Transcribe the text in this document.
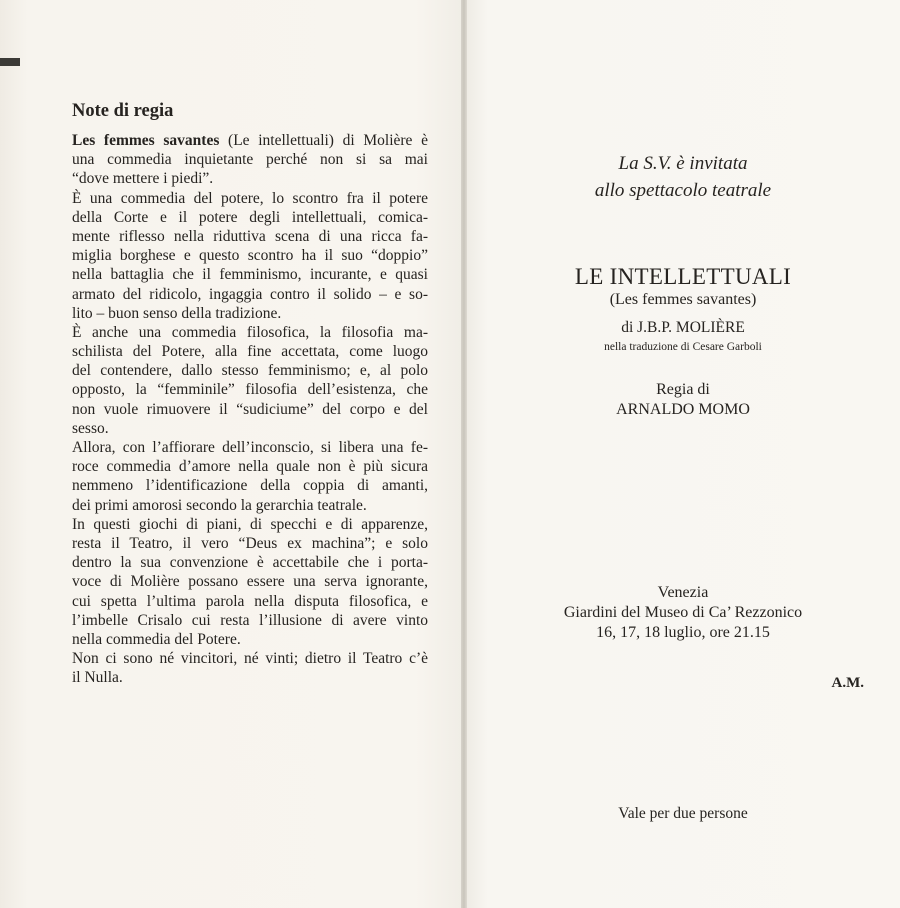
Note di regia
Les femmes savantes (Le intellettuali) di Molière è
una commedia inquietante perché non si sa mai
“dove mettere i piedi”.
È una commedia del potere, lo scontro fra il potere
della Corte e il potere degli intellettuali, comica-
mente riflesso nella riduttiva scena di una ricca fa-
miglia borghese e questo scontro ha il suo “doppio”
nella battaglia che il femminismo, incurante, e quasi
armato del ridicolo, ingaggia contro il solido – e so-
lito – buon senso della tradizione.
È anche una commedia filosofica, la filosofia ma-
schilista del Potere, alla fine accettata, come luogo
del contendere, dallo stesso femminismo; e, al polo
opposto, la “femminile” filosofia dell’esistenza, che
non vuole rimuovere il “sudiciume” del corpo e del
sesso.
Allora, con l’affiorare dell’inconscio, si libera una fe-
roce commedia d’amore nella quale non è più sicura
nemmeno l’identificazione della coppia di amanti,
dei primi amorosi secondo la gerarchia teatrale.
In questi giochi di piani, di specchi e di apparenze,
resta il Teatro, il vero “Deus ex machina”; e solo
dentro la sua convenzione è accettabile che i porta-
voce di Molière possano essere una serva ignorante,
cui spetta l’ultima parola nella disputa filosofica, e
l’imbelle Crisalo cui resta l’illusione di avere vinto
nella commedia del Potere.
Non ci sono né vincitori, né vinti; dietro il Teatro c’è
il Nulla.	A.M.
La S.V. è invitata
allo spettacolo teatrale
LE INTELLETTUALI
(Les femmes savantes)
di J.B.P. MOLIÈRE
nella traduzione di Cesare Garboli
Regia di
ARNALDO MOMO
Venezia
Giardini del Museo di Ca’ Rezzonico
16, 17, 18 luglio, ore 21.15
Vale per due persone
